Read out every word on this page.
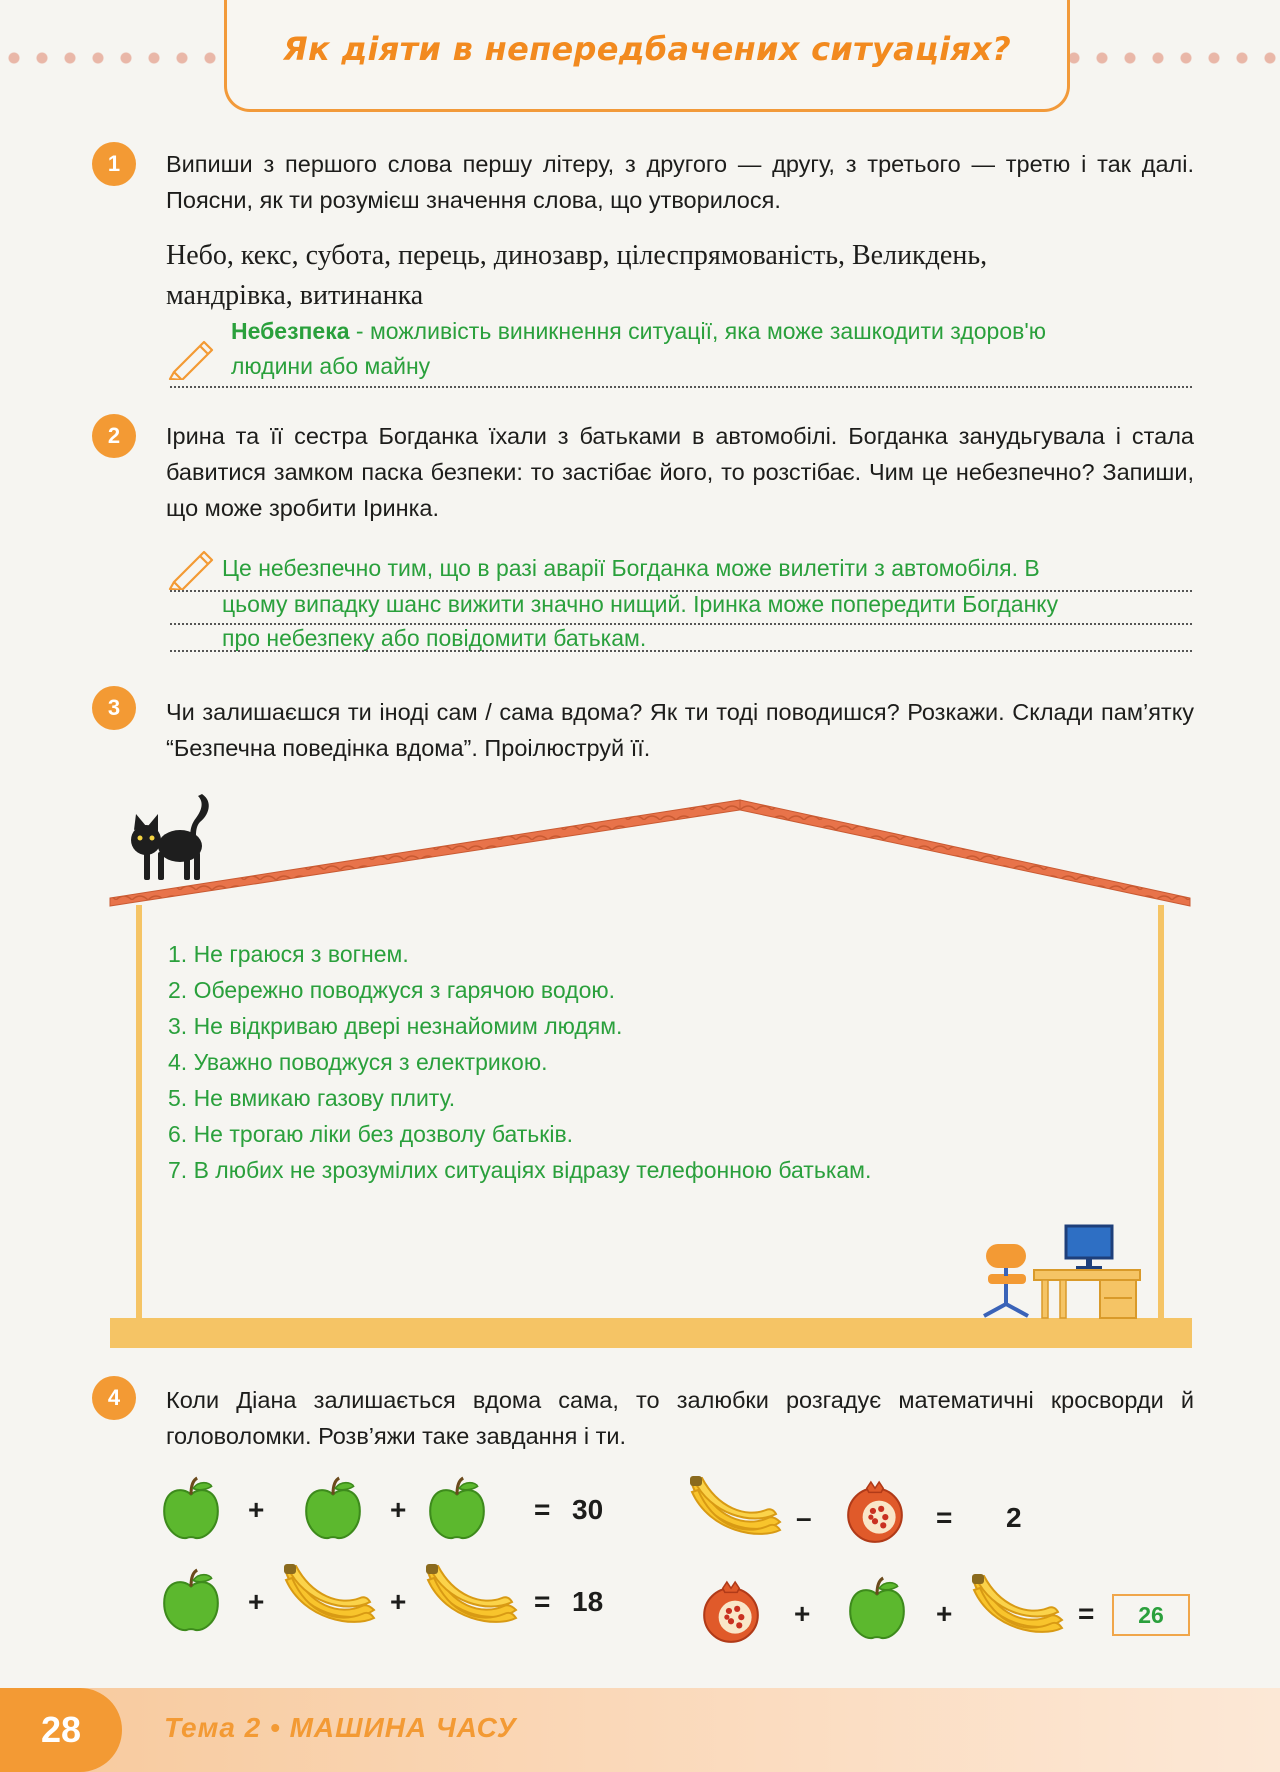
Як діяти в непередбачених ситуаціях?
1	Випиши з першого слова першу літеру, з другого — другу, з третього — третю і так далі. Поясни, як ти розумієш значення слова, що утворилося.
Небо, кекс, субота, перець, динозавр, цілеспрямованість, Великдень,
мандрівка, витинанка
Небезпека - можливість виникнення ситуації, яка може зашкодити здоров'ю
людини або майну
2	Ірина та її сестра Богданка їхали з батьками в автомобілі. Богданка занудьгувала і стала бавитися замком паска безпеки: то застібає його, то розстібає. Чим це небезпечно? Запиши, що може зробити Іринка.
Це небезпечно тим, що в разі аварії Богданка може вилетіти з автомобіля. В
цьому випадку шанс вижити значно нищий. Іринка може попередити Богданку
про небезпеку або повідомити батькам.
3	Чи залишаєшся ти іноді сам / сама вдома? Як ти тоді поводишся? Розкажи. Склади пам’ятку “Безпечна поведінка вдома”. Проілюструй її.
1. Не граюся з вогнем.
2. Обережно поводжуся з гарячою водою.
3. Не відкриваю двері незнайомим людям.
4. Уважно поводжуся з електрикою.
5. Не вмикаю газову плиту.
6. Не трогаю ліки без дозволу батьків.
7. В любих не зрозумілих ситуаціях відразу телефонною батькам.
4	Коли Діана залишається вдома сама, то залюбки розгадує математичні кросворди й головоломки. Розв’яжи таке завдання і ти.
+	+	= 30
+	+	= 18
–	= 2
+	+	=	26
28	Тема 2 • МАШИНА ЧАСУ
